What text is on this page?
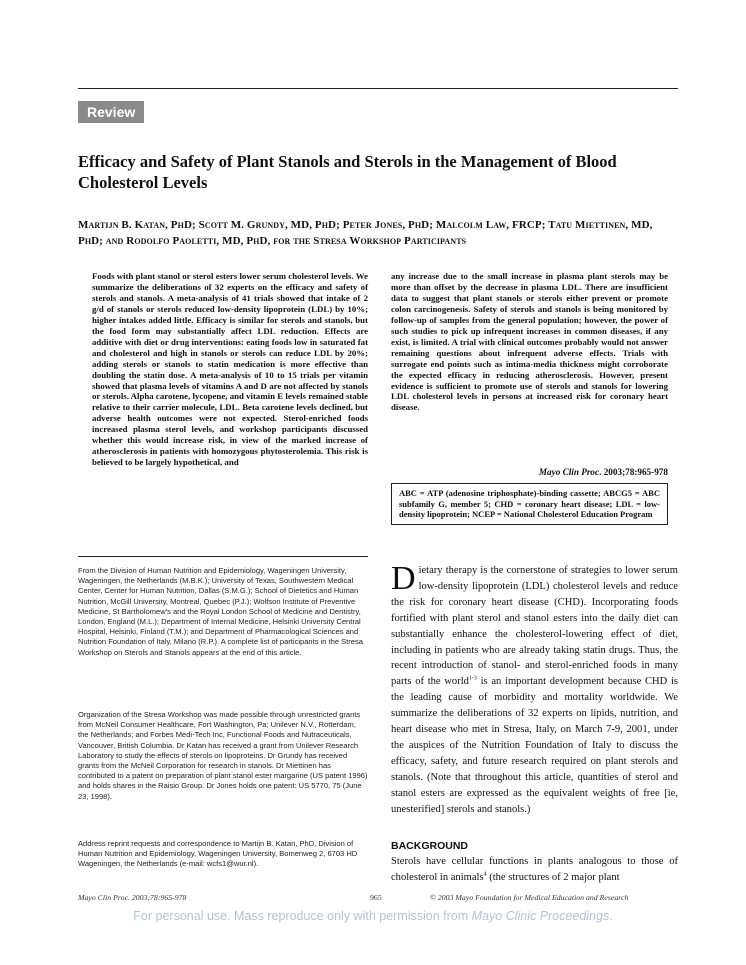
Review
Efficacy and Safety of Plant Stanols and Sterols in the Management of Blood Cholesterol Levels
Martijn B. Katan, PhD; Scott M. Grundy, MD, PhD; Peter Jones, PhD; Malcolm Law, FRCP; Tatu Miettinen, MD, PhD; and Rodolfo Paoletti, MD, PhD, for the Stresa Workshop Participants

Foods with plant stanol or sterol esters lower serum cholesterol levels. We summarize the deliberations of 32 experts on the efficacy and safety of sterols and stanols. A meta-analysis of 41 trials showed that intake of 2 g/d of stanols or sterols reduced low-density lipoprotein (LDL) by 10%; higher intakes added little. Efficacy is similar for sterols and stanols, but the food form may substantially affect LDL reduction. Effects are additive with diet or drug interventions: eating foods low in saturated fat and cholesterol and high in stanols or sterols can reduce LDL by 20%; adding sterols or stanols to statin medication is more effective than doubling the statin dose. A meta-analysis of 10 to 15 trials per vitamin showed that plasma levels of vitamins A and D are not affected by stanols or sterols. Alpha carotene, lycopene, and vitamin E levels remained stable relative to their carrier molecule, LDL. Beta carotene levels declined, but adverse health outcomes were not expected. Sterol-enriched foods increased plasma sterol levels, and workshop participants discussed whether this would increase risk, in view of the marked increase of atherosclerosis in patients with homozygous phytosterolemia. This risk is believed to be largely hypothetical, and

any increase due to the small increase in plasma plant sterols may be more than offset by the decrease in plasma LDL. There are insufficient data to suggest that plant stanols or sterols either prevent or promote colon carcinogenesis. Safety of sterols and stanols is being monitored by follow-up of samples from the general population; however, the power of such studies to pick up infrequent increases in common diseases, if any exist, is limited. A trial with clinical outcomes probably would not answer remaining questions about infrequent adverse effects. Trials with surrogate end points such as intima-media thickness might corroborate the expected efficacy in reducing atherosclerosis. However, present evidence is sufficient to promote use of sterols and stanols for lowering LDL cholesterol levels in persons at increased risk for coronary heart disease.

Mayo Clin Proc. 2003;78:965-978
ABC = ATP (adenosine triphosphate)-binding cassette; ABCG5 = ABC subfamily G, member 5; CHD = coronary heart disease; LDL = low-density lipoprotein; NCEP = National Cholesterol Education Program

From the Division of Human Nutrition and Epidemiology, Wageningen University, Wageningen, the Netherlands (M.B.K.); University of Texas, Southwestern Medical Center, Center for Human Nutrition, Dallas (S.M.G.); School of Dietetics and Human Nutrition, McGill University, Montreal, Quebec (P.J.); Wolfson Institute of Preventive Medicine, St Bartholomew's and the Royal London School of Medicine and Dentistry, London, England (M.L.); Department of Internal Medicine, Helsinki University Central Hospital, Helsinki, Finland (T.M.); and Department of Pharmacological Sciences and Nutrition Foundation of Italy, Milano (R.P.). A complete list of participants in the Stresa Workshop on Sterols and Stanols appears at the end of this article.

Organization of the Stresa Workshop was made possible through unrestricted grants from McNeil Consumer Healthcare, Fort Washington, Pa; Unilever N.V., Rotterdam, the Netherlands; and Forbes Medi-Tech Inc, Functional Foods and Nutraceuticals, Vancouver, British Columbia. Dr Katan has received a grant from Unilever Research Laboratory to study the effects of sterols on lipoproteins. Dr Grundy has received grants from the McNeil Corporation for research in stanols. Dr Miettinen has contributed to a patent on preparation of plant stanol ester margarine (US patent 1996) and holds shares in the Raisio Group. Dr Jones holds one patent: US 5770, 75 (June 23, 1998).

Address reprint requests and correspondence to Martijn B. Katan, PhD, Division of Human Nutrition and Epidemiology, Wageningen University, Bomenweg 2, 6703 HD Wageningen, the Netherlands (e-mail: wcfs1@wur.nl).

Dietary therapy is the cornerstone of strategies to lower serum low-density lipoprotein (LDL) cholesterol levels and reduce the risk for coronary heart disease (CHD). Incorporating foods fortified with plant sterol and stanol esters into the daily diet can substantially enhance the cholesterol-lowering effect of diet, including in patients who are already taking statin drugs. Thus, the recent introduction of stanol- and sterol-enriched foods in many parts of the world$^{1-3}$ is an important development because CHD is the leading cause of morbidity and mortality worldwide. We summarize the deliberations of 32 experts on lipids, nutrition, and heart disease who met in Stresa, Italy, on March 7-9, 2001, under the auspices of the Nutrition Foundation of Italy to discuss the efficacy, safety, and future research required on plant sterols and stanols. (Note that throughout this article, quantities of sterol and stanol esters are expressed as the equivalent weights of free [ie, unesterified] sterols and stanols.)

BACKGROUND

Sterols have cellular functions in plants analogous to those of cholesterol in animals$^4$ (the structures of 2 major plant

Mayo Clin Proc. 2003;78:965-978	965	© 2003 Mayo Foundation for Medical Education and Research
For personal use. Mass reproduce only with permission from Mayo Clinic Proceedings.
